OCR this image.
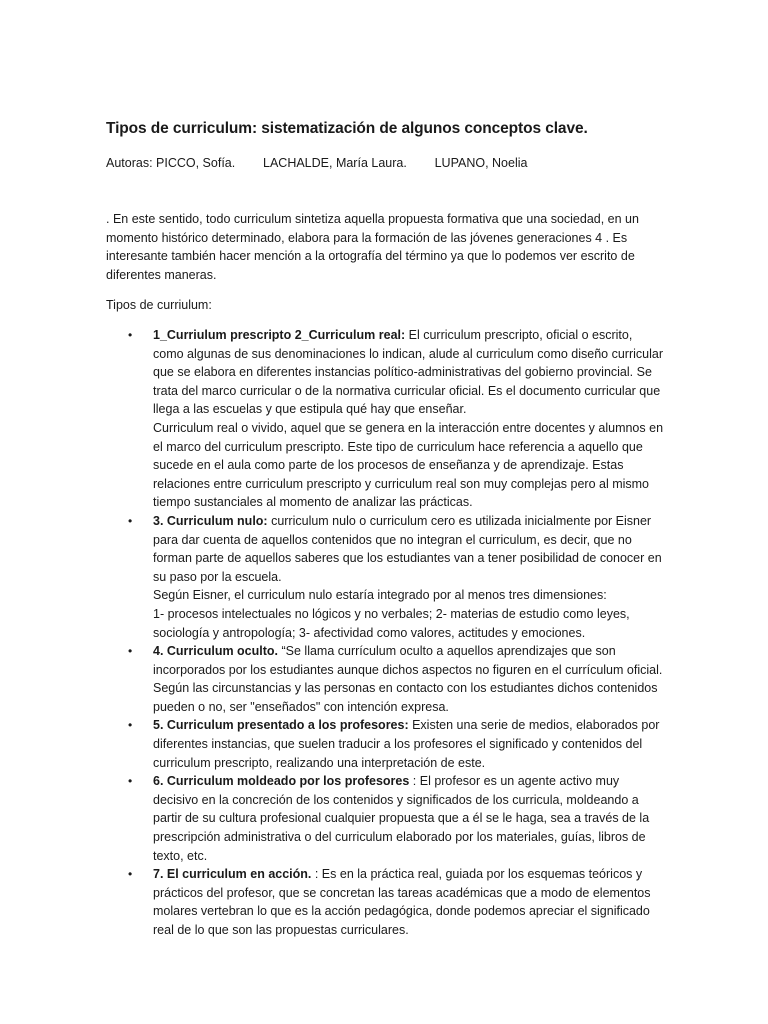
Tipos de curriculum: sistematización de algunos conceptos clave.
Autoras: PICCO, Sofía.        LACHALDE, María Laura.        LUPANO, Noelia

. En este sentido, todo curriculum sintetiza aquella propuesta formativa que una sociedad, en un momento histórico determinado, elabora para la formación de las jóvenes generaciones 4 . Es interesante también hacer mención a la ortografía del término ya que lo podemos ver escrito de diferentes maneras.

Tipos de curriulum:

• 1_Curriulum prescripto 2_Curriculum real: El curriculum prescripto, oficial o escrito, como algunas de sus denominaciones lo indican, alude al curriculum como diseño curricular que se elabora en diferentes instancias político-administrativas del gobierno provincial. Se trata del marco curricular o de la normativa curricular oficial. Es el documento curricular que llega a las escuelas y que estipula qué hay que enseñar.
Curriculum real o vivido, aquel que se genera en la interacción entre docentes y alumnos en el marco del curriculum prescripto. Este tipo de curriculum hace referencia a aquello que sucede en el aula como parte de los procesos de enseñanza y de aprendizaje. Estas relaciones entre curriculum prescripto y curriculum real son muy complejas pero al mismo tiempo sustanciales al momento de analizar las prácticas.
• 3. Curriculum nulo: curriculum nulo o curriculum cero es utilizada inicialmente por Eisner para dar cuenta de aquellos contenidos que no integran el curriculum, es decir, que no forman parte de aquellos saberes que los estudiantes van a tener posibilidad de conocer en su paso por la escuela.
Según Eisner, el curriculum nulo estaría integrado por al menos tres dimensiones:
1- procesos intelectuales no lógicos y no verbales; 2- materias de estudio como leyes, sociología y antropología; 3- afectividad como valores, actitudes y emociones.
• 4. Curriculum oculto. “Se llama currículum oculto a aquellos aprendizajes que son incorporados por los estudiantes aunque dichos aspectos no figuren en el currículum oficial. Según las circunstancias y las personas en contacto con los estudiantes dichos contenidos pueden o no, ser "enseñados" con intención expresa.
• 5. Curriculum presentado a los profesores: Existen una serie de medios, elaborados por diferentes instancias, que suelen traducir a los profesores el significado y contenidos del curriculum prescripto, realizando una interpretación de este.
• 6. Curriculum moldeado por los profesores : El profesor es un agente activo muy decisivo en la concreción de los contenidos y significados de los curricula, moldeando a partir de su cultura profesional cualquier propuesta que a él se le haga, sea a través de la prescripción administrativa o del curriculum elaborado por los materiales, guías, libros de texto, etc.
• 7. El curriculum en acción. : Es en la práctica real, guiada por los esquemas teóricos y prácticos del profesor, que se concretan las tareas académicas que a modo de elementos molares vertebran lo que es la acción pedagógica, donde podemos apreciar el significado real de lo que son las propuestas curriculares.
